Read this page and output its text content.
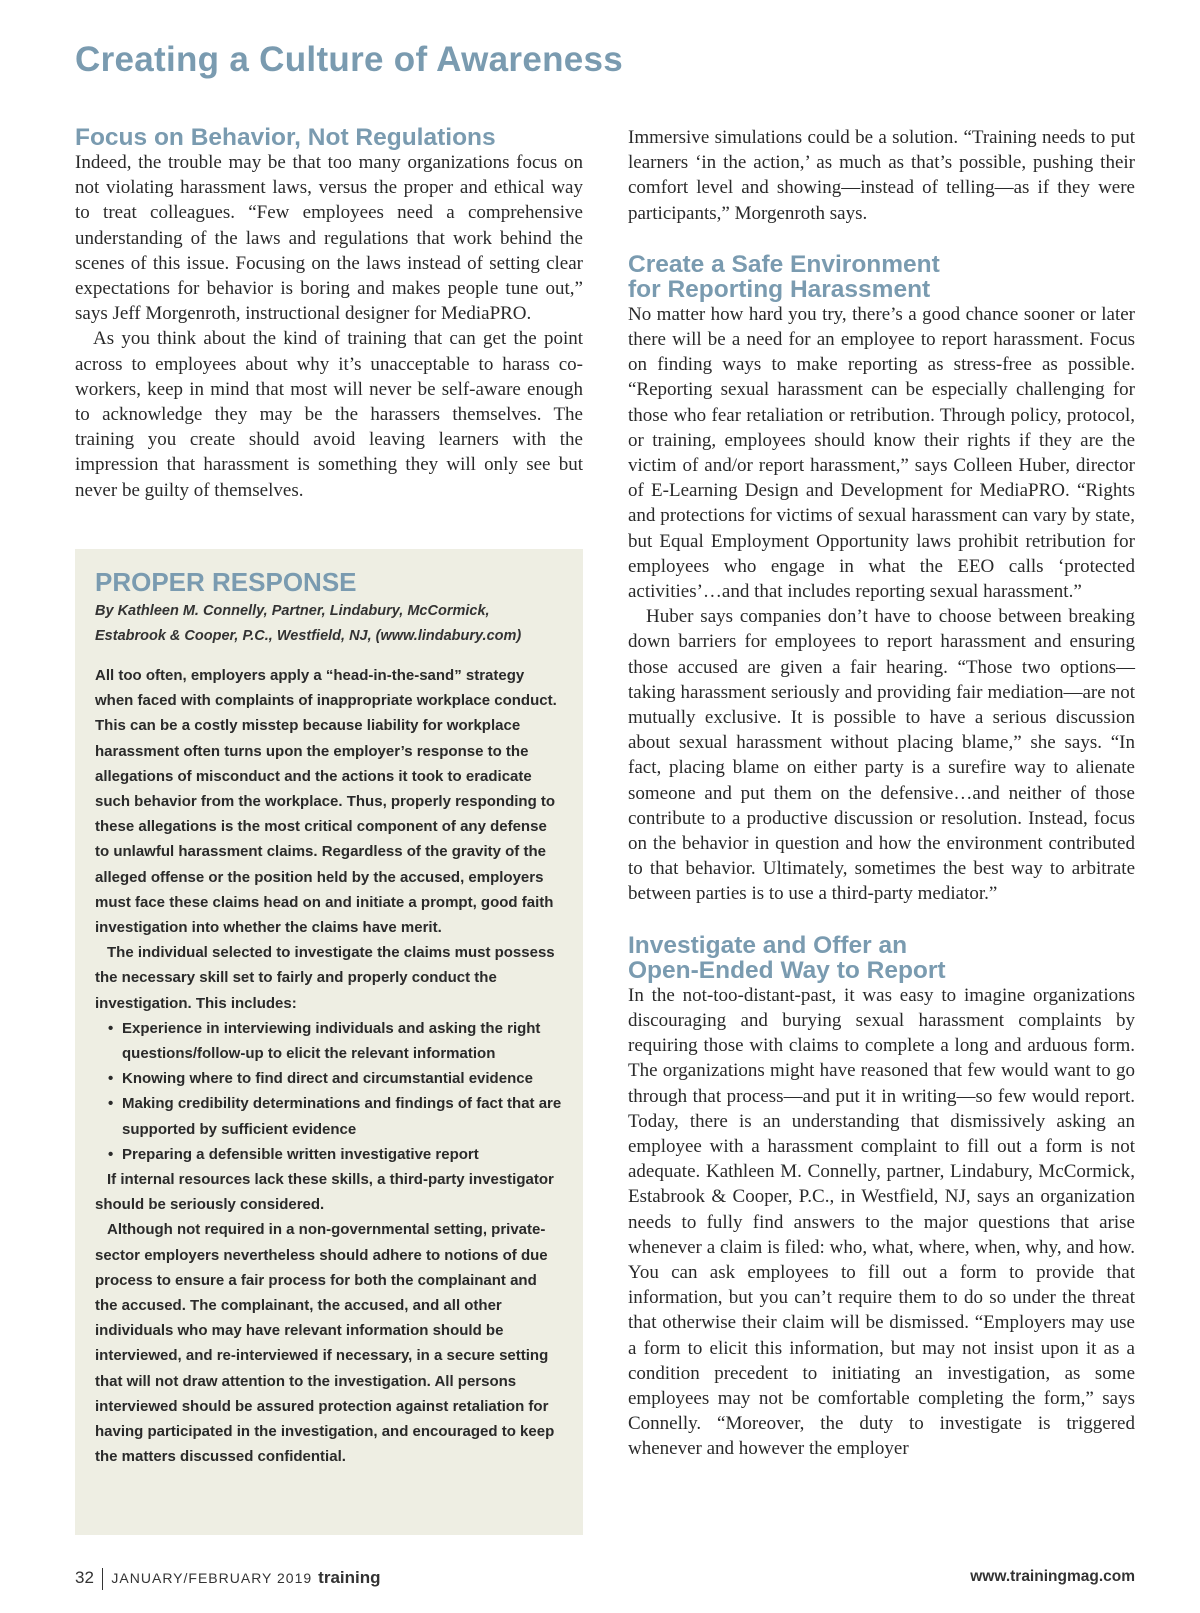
Creating a Culture of Awareness
Focus on Behavior, Not Regulations

Indeed, the trouble may be that too many organizations focus on not violating harassment laws, versus the proper and ethical way to treat colleagues. “Few employees need a comprehensive understanding of the laws and regulations that work behind the scenes of this issue. Focusing on the laws instead of setting clear expectations for behavior is boring and makes people tune out,” says Jeff Morgenroth, instructional designer for MediaPRO.

As you think about the kind of training that can get the point across to employees about why it’s unacceptable to harass co-workers, keep in mind that most will never be self-aware enough to acknowledge they may be the harassers themselves. The training you create should avoid leaving learners with the impression that harassment is something they will only see but never be guilty of themselves.

PROPER RESPONSE

By Kathleen M. Connelly, Partner, Lindabury, McCormick, Estabrook & Cooper, P.C., Westfield, NJ, (www.lindabury.com)

All too often, employers apply a “head-in-the-sand” strategy when faced with complaints of inappropriate workplace conduct. This can be a costly misstep because liability for workplace harassment often turns upon the employer’s response to the allegations of misconduct and the actions it took to eradicate such behavior from the workplace. Thus, properly responding to these allegations is the most critical component of any defense to unlawful harassment claims. Regardless of the gravity of the alleged offense or the position held by the accused, employers must face these claims head on and initiate a prompt, good faith investigation into whether the claims have merit.

The individual selected to investigate the claims must possess the necessary skill set to fairly and properly conduct the investigation. This includes:

• Experience in interviewing individuals and asking the right questions/follow-up to elicit the relevant information
• Knowing where to find direct and circumstantial evidence
• Making credibility determinations and findings of fact that are supported by sufficient evidence
• Preparing a defensible written investigative report

If internal resources lack these skills, a third-party investigator should be seriously considered.

Although not required in a non-governmental setting, private-sector employers nevertheless should adhere to notions of due process to ensure a fair process for both the complainant and the accused. The complainant, the accused, and all other individuals who may have relevant information should be interviewed, and re-interviewed if necessary, in a secure setting that will not draw attention to the investigation. All persons interviewed should be assured protection against retaliation for having participated in the investigation, and encouraged to keep the matters discussed confidential.

Immersive simulations could be a solution. “Training needs to put learners ‘in the action,’ as much as that’s possible, pushing their comfort level and showing—instead of telling—as if they were participants,” Morgenroth says.

Create a Safe Environment
for Reporting Harassment

No matter how hard you try, there’s a good chance sooner or later there will be a need for an employee to report harassment. Focus on finding ways to make reporting as stress-free as possible. “Reporting sexual harassment can be especially challenging for those who fear retaliation or retribution. Through policy, protocol, or training, employees should know their rights if they are the victim of and/or report harassment,” says Colleen Huber, director of E-Learning Design and Development for MediaPRO. “Rights and protections for victims of sexual harassment can vary by state, but Equal Employment Opportunity laws prohibit retribution for employees who engage in what the EEO calls ‘protected activities’…and that includes reporting sexual harassment.”

Huber says companies don’t have to choose between breaking down barriers for employees to report harassment and ensuring those accused are given a fair hearing. “Those two options—taking harassment seriously and providing fair mediation—are not mutually exclusive. It is possible to have a serious discussion about sexual harassment without placing blame,” she says. “In fact, placing blame on either party is a surefire way to alienate someone and put them on the defensive…and neither of those contribute to a productive discussion or resolution. Instead, focus on the behavior in question and how the environment contributed to that behavior. Ultimately, sometimes the best way to arbitrate between parties is to use a third-party mediator.”

Investigate and Offer an
Open-Ended Way to Report

In the not-too-distant-past, it was easy to imagine organizations discouraging and burying sexual harassment complaints by requiring those with claims to complete a long and arduous form. The organizations might have reasoned that few would want to go through that process—and put it in writing—so few would report. Today, there is an understanding that dismissively asking an employee with a harassment complaint to fill out a form is not adequate. Kathleen M. Connelly, partner, Lindabury, McCormick, Estabrook & Cooper, P.C., in Westfield, NJ, says an organization needs to fully find answers to the major questions that arise whenever a claim is filed: who, what, where, when, why, and how. You can ask employees to fill out a form to provide that information, but you can’t require them to do so under the threat that otherwise their claim will be dismissed. “Employers may use a form to elicit this information, but may not insist upon it as a condition precedent to initiating an investigation, as some employees may not be comfortable completing the form,” says Connelly. “Moreover, the duty to investigate is triggered whenever and however the employer

32 JANUARY/FEBRUARY 2019 training	www.trainingmag.com
